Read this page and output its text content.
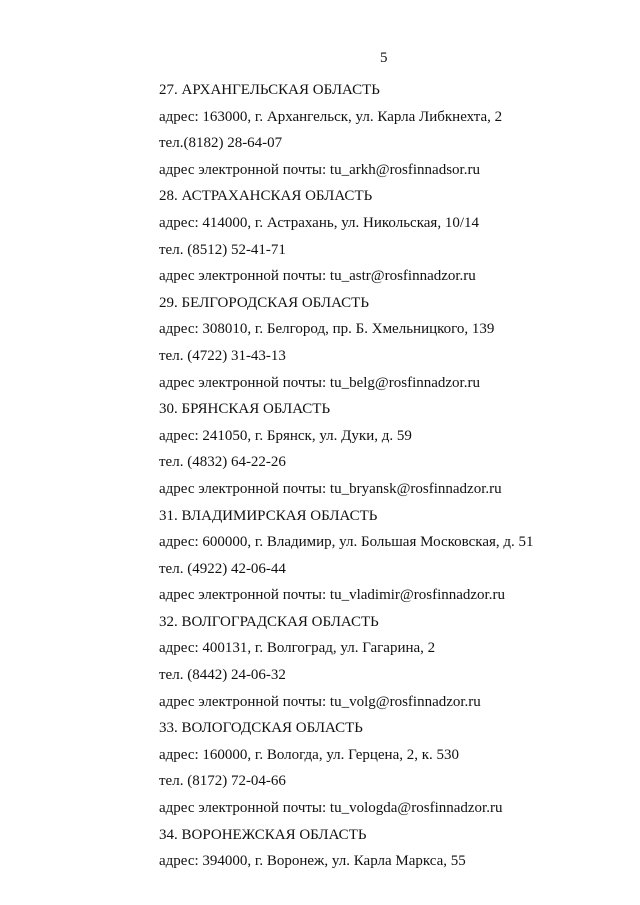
5
27. АРХАНГЕЛЬСКАЯ ОБЛАСТЬ
адрес: 163000, г. Архангельск, ул. Карла Либкнехта, 2
тел.(8182) 28-64-07
адрес электронной почты: tu_arkh@rosfinnadsor.ru
28. АСТРАХАНСКАЯ ОБЛАСТЬ
адрес: 414000, г. Астрахань, ул. Никольская, 10/14
тел. (8512) 52-41-71
адрес электронной почты: tu_astr@rosfinnadzor.ru
29. БЕЛГОРОДСКАЯ ОБЛАСТЬ
адрес: 308010, г. Белгород, пр. Б. Хмельницкого, 139
тел. (4722) 31-43-13
адрес электронной почты: tu_belg@rosfinnadzor.ru
30. БРЯНСКАЯ ОБЛАСТЬ
адрес: 241050, г. Брянск, ул. Дуки, д. 59
тел. (4832) 64-22-26
адрес электронной почты: tu_bryansk@rosfinnadzor.ru
31. ВЛАДИМИРСКАЯ ОБЛАСТЬ
адрес: 600000, г. Владимир, ул. Большая Московская, д. 51
тел. (4922) 42-06-44
адрес электронной почты: tu_vladimir@rosfinnadzor.ru
32. ВОЛГОГРАДСКАЯ ОБЛАСТЬ
адрес: 400131, г. Волгоград, ул. Гагарина, 2
тел. (8442) 24-06-32
адрес электронной почты: tu_volg@rosfinnadzor.ru
33. ВОЛОГОДСКАЯ ОБЛАСТЬ
адрес: 160000, г. Вологда, ул. Герцена, 2, к. 530
тел. (8172) 72-04-66
адрес электронной почты: tu_vologda@rosfinnadzor.ru
34. ВОРОНЕЖСКАЯ ОБЛАСТЬ
адрес: 394000, г. Воронеж, ул. Карла Маркса, 55
